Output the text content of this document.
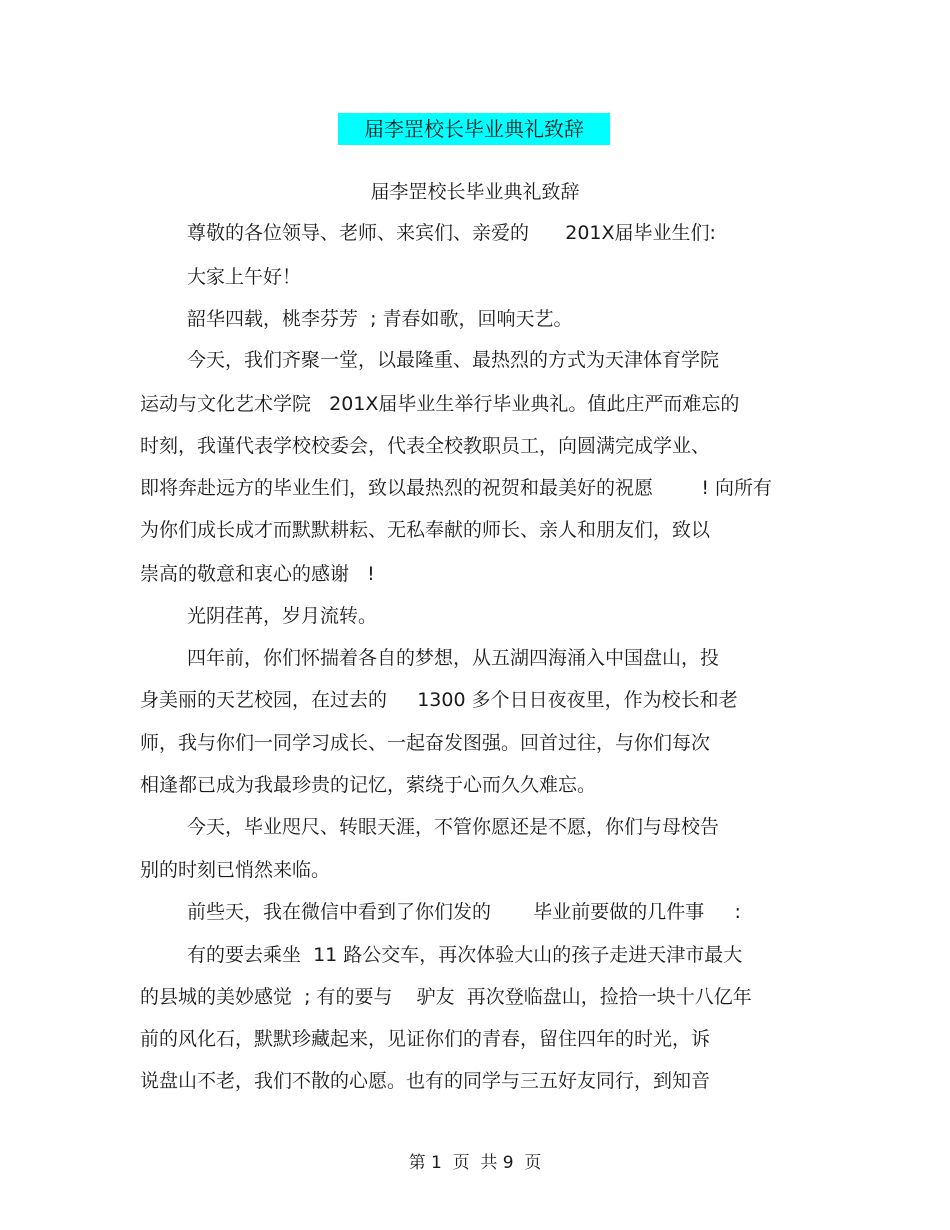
届李罡校长毕业典礼致辞
届李罡校长毕业典礼致辞
尊敬的各位领导、老师、来宾们、亲爱的      201X届毕业生们:
大家上午好！
韶华四载，桃李芬芳  ; 青春如歌，回响天艺。
今天，我们齐聚一堂，以最隆重、最热烈的方式为天津体育学院
运动与文化艺术学院   201X届毕业生举行毕业典礼。值此庄严而难忘的
时刻，我谨代表学校校委会，代表全校教职员工，向圆满完成学业、
即将奔赴远方的毕业生们，致以最热烈的祝贺和最美好的祝愿        ! 向所有
为你们成长成才而默默耕耘、无私奉献的师长、亲人和朋友们，致以
崇高的敬意和衷心的感谢   !
光阴荏苒，岁月流转。
四年前，你们怀揣着各自的梦想，从五湖四海涌入中国盘山，投
身美丽的天艺校园，在过去的     1300 多个日日夜夜里，作为校长和老
师，我与你们一同学习成长、一起奋发图强。回首过往，与你们每次
相逢都已成为我最珍贵的记忆，萦绕于心而久久难忘。
今天，毕业咫尺、转眼天涯，不管你愿还是不愿，你们与母校告
别的时刻已悄然来临。
前些天，我在微信中看到了你们发的       毕业前要做的几件事     :
有的要去乘坐  11 路公交车，再次体验大山的孩子走进天津市最大
的县城的美妙感觉  ; 有的要与    驴友  再次登临盘山，捡拾一块十八亿年
前的风化石，默默珍藏起来，见证你们的青春，留住四年的时光，诉
说盘山不老，我们不散的心愿。也有的同学与三五好友同行，到知音
第 1  页  共 9  页
